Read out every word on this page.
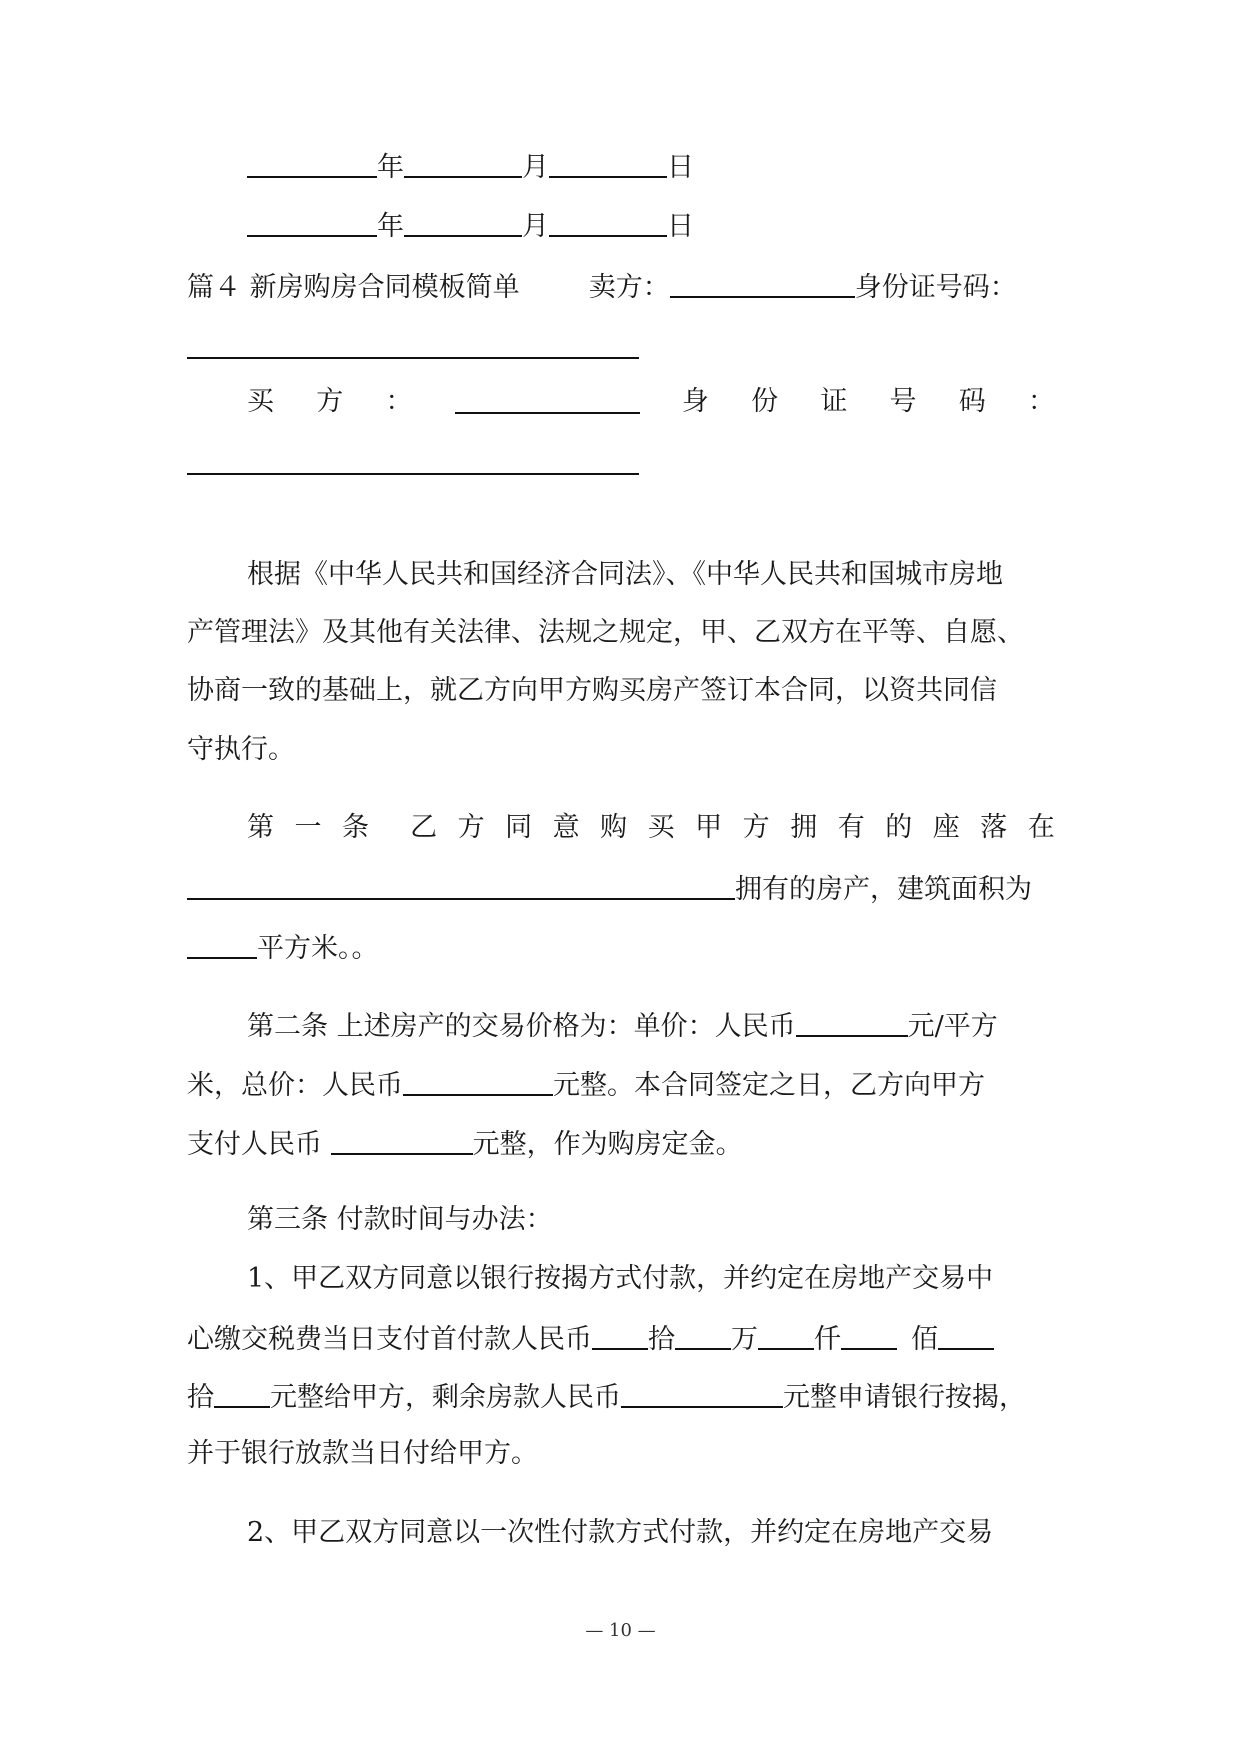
年	月	日
年	月	日
篇４ 新房购房合同模板简单	卖方：	身份证号码：
买 方 ：	身 份 证 号 码 ：
根据《中华人民共和国经济合同法》、《中华人民共和国城市房地
产管理法》及其他有关法律、法规之规定，甲、乙双方在平等、自愿、
协商一致的基础上，就乙方向甲方购买房产签订本合同，以资共同信
守执行。
第 一 条 乙 方 同 意 购 买 甲 方 拥 有 的 座 落 在
拥有的房产，建筑面积为
平方米。。
第二条 上述房产的交易价格为：单价：人民币	元/平方
米，总价：人民币	元整。本合同签定之日，乙方向甲方
支付人民币	元整，作为购房定金。
第三条 付款时间与办法：
1、甲乙双方同意以银行按揭方式付款，并约定在房地产交易中
心缴交税费当日支付首付款人民币 拾 万 仟	佰
拾 元整给甲方，剩余房款人民币	元整申请银行按揭，
并于银行放款当日付给甲方。
2、甲乙双方同意以一次性付款方式付款，并约定在房地产交易
— 10 —
